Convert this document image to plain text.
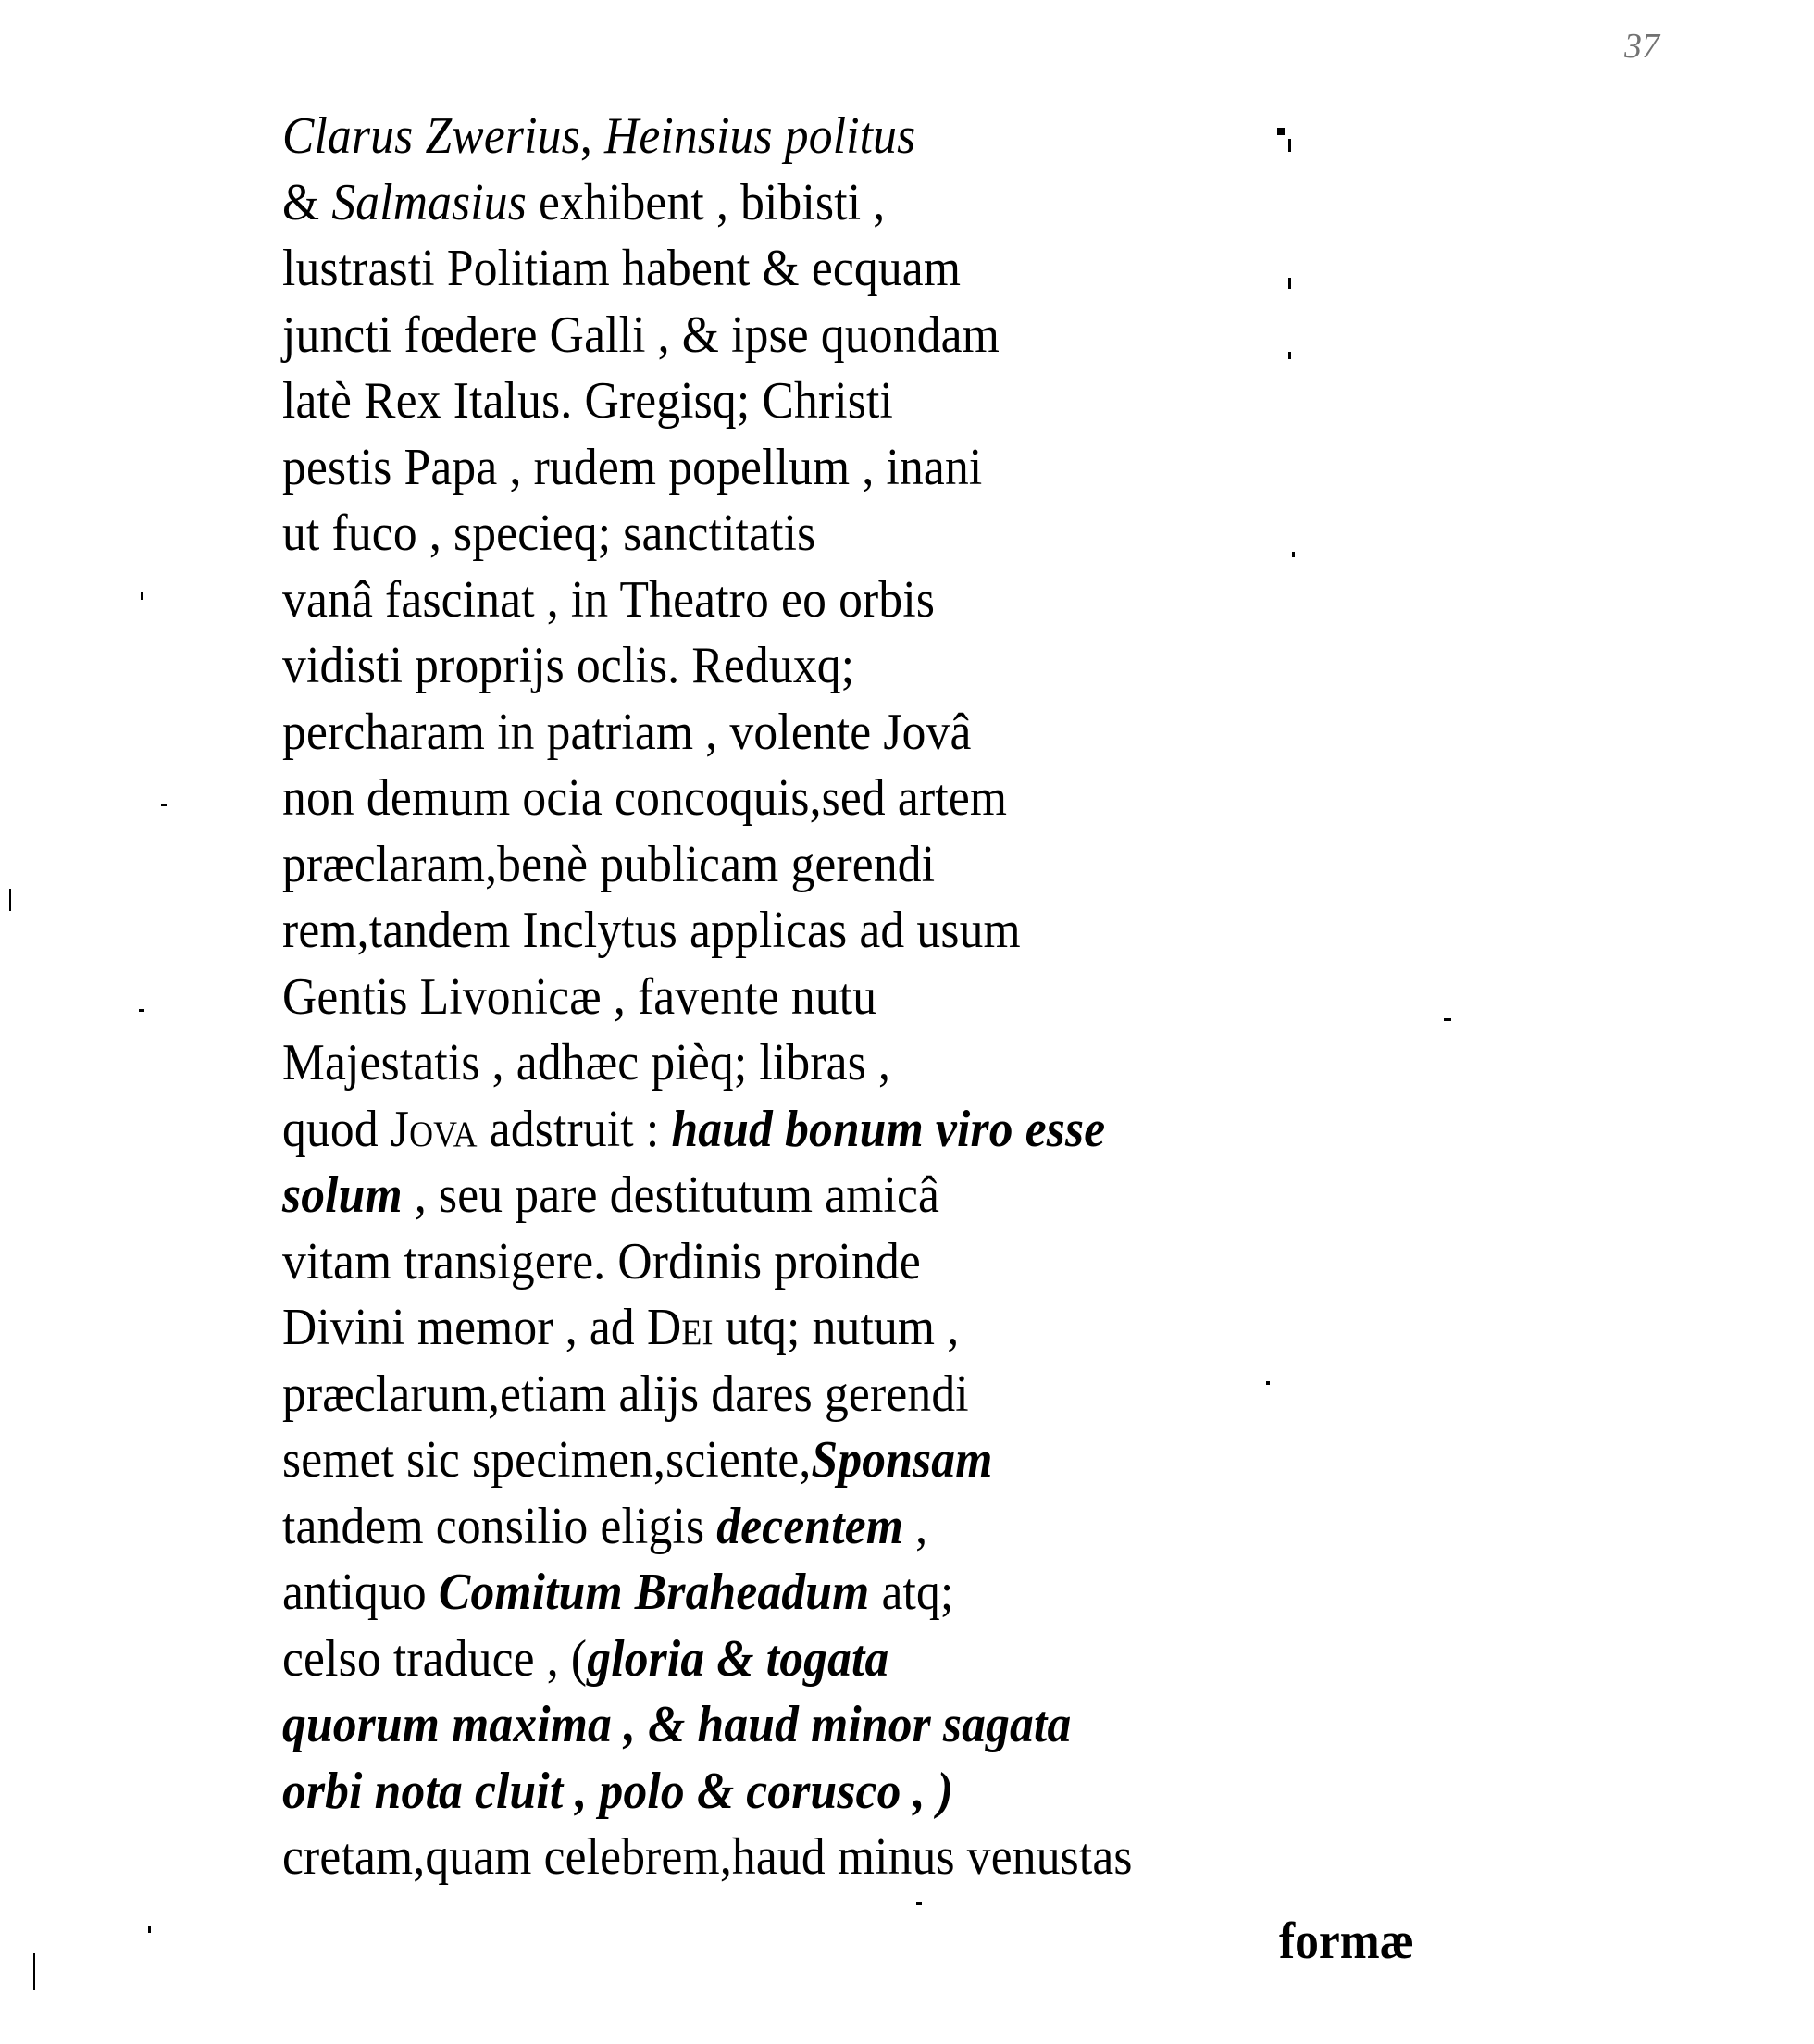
37
Clarus Zwerius, Heinsius politus
& Salmasius exhibent , bibisti ,
lustrasti Politiam habent & ecquam
juncti fœdere Galli , & ipse quondam
latè Rex Italus. Gregisq; Christi
pestis Papa , rudem popellum , inani
ut fuco , specieq; sanctitatis
vanâ fascinat , in Theatro eo orbis
vidisti proprijs oclis. Reduxq;
percharam in patriam , volente Jovâ
non demum ocia concoquis,sed artem
præclaram,benè publicam gerendi
rem,tandem Inclytus applicas ad usum
Gentis Livonicæ , favente nutu
Majestatis , adhæc pièq; libras ,
quod Jova adstruit : haud bonum viro esse
solum , seu pare destitutum amicâ
vitam transigere. Ordinis proinde
Divini memor , ad Dei utq; nutum ,
præclarum,etiam alijs dares gerendi
semet sic specimen,sciente,Sponsam
tandem consilio eligis decentem ,
antiquo Comitum Braheadum atq;
celso traduce , (gloria & togata
quorum maxima , & haud minor sagata
orbi nota cluit , polo & corusco , )
cretam,quam celebrem,haud minus venustas
formæ
